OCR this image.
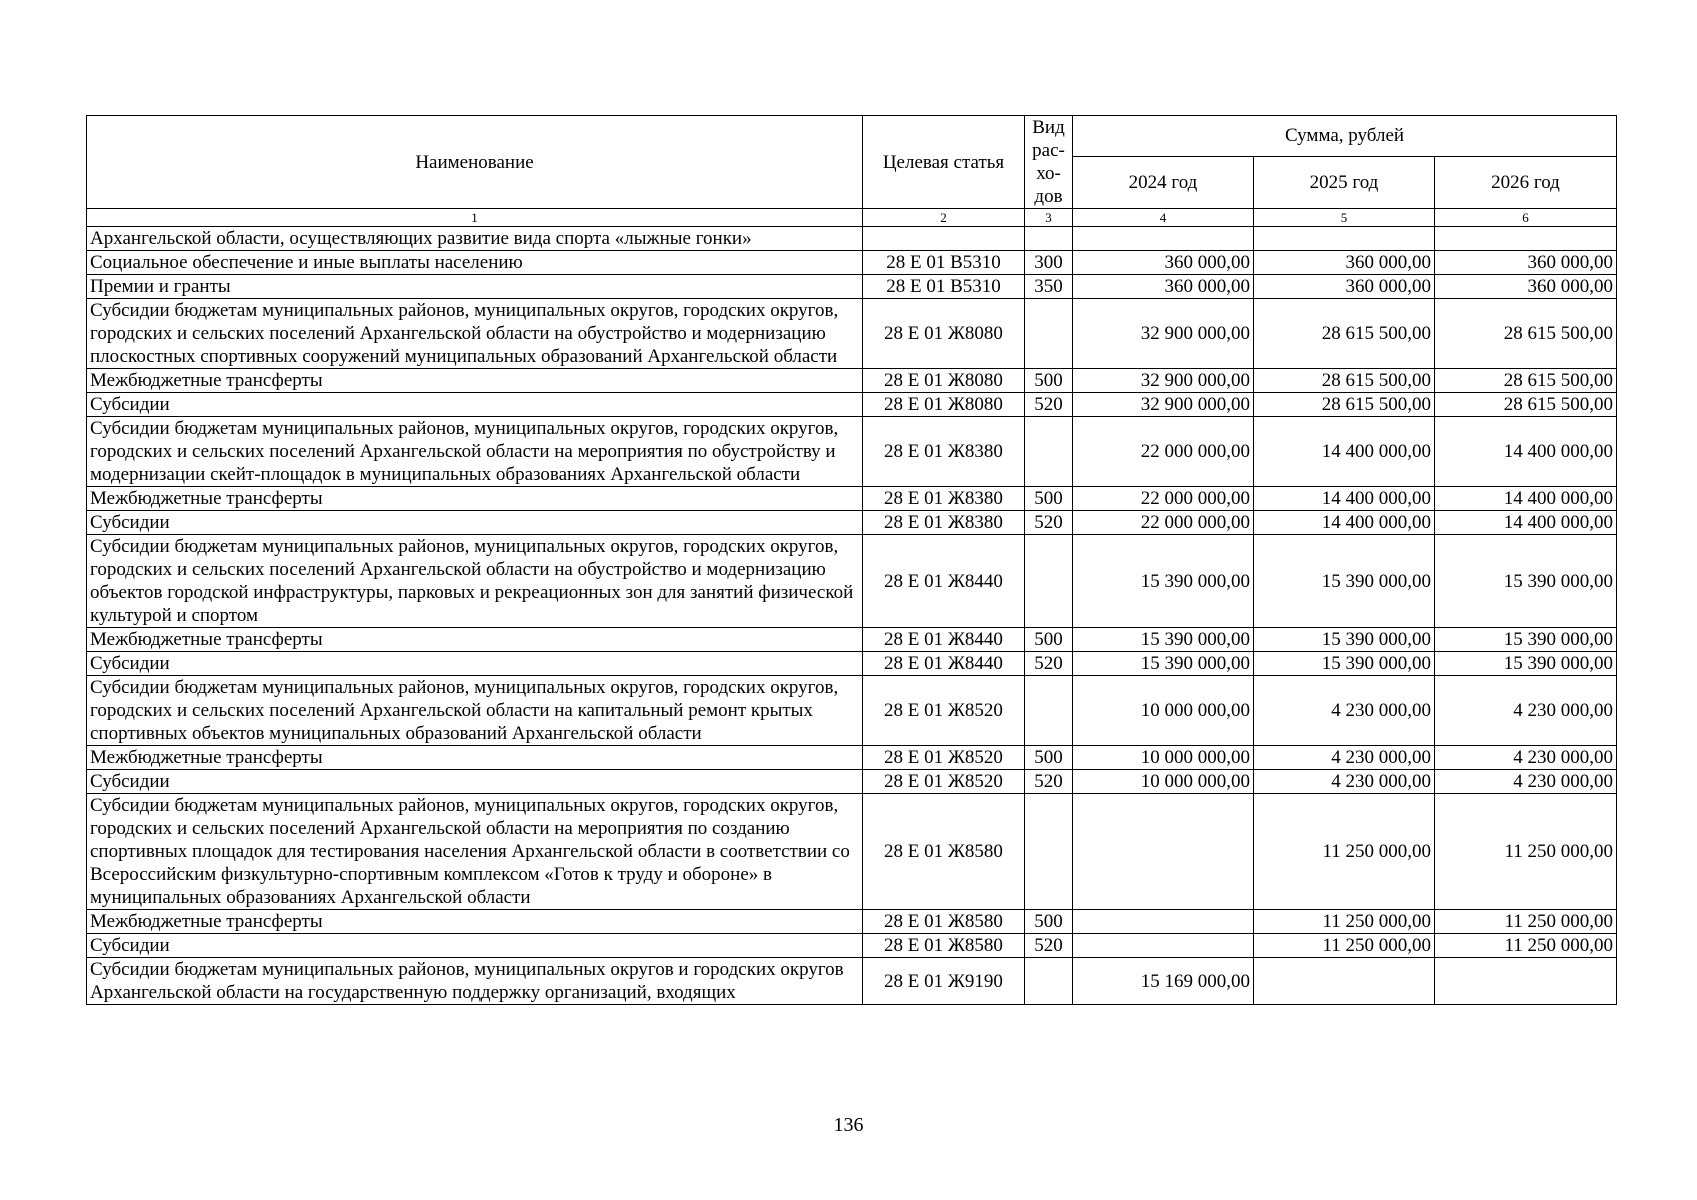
Наименование	Целевая статья	Вид рас-хо-дов	Сумма, рублей		
			2024 год	2025 год	2026 год
1	2	3	4	5	6
Архангельской области, осуществляющих развитие вида спорта «лыжные гонки»					
Социальное обеспечение и иные выплаты населению	28 Е 01 В5310	300	360 000,00	360 000,00	360 000,00
Премии и гранты	28 Е 01 В5310	350	360 000,00	360 000,00	360 000,00
Субсидии бюджетам муниципальных районов, муниципальных округов, городских округов, городских и сельских поселений Архангельской области на обустройство и модернизацию плоскостных спортивных сооружений муниципальных образований Архангельской области	28 Е 01 Ж8080		32 900 000,00	28 615 500,00	28 615 500,00
Межбюджетные трансферты	28 Е 01 Ж8080	500	32 900 000,00	28 615 500,00	28 615 500,00
Субсидии	28 Е 01 Ж8080	520	32 900 000,00	28 615 500,00	28 615 500,00
Субсидии бюджетам муниципальных районов, муниципальных округов, городских округов, городских и сельских поселений Архангельской области на мероприятия по обустройству и модернизации скейт-площадок в муниципальных образованиях Архангельской области	28 Е 01 Ж8380		22 000 000,00	14 400 000,00	14 400 000,00
Межбюджетные трансферты	28 Е 01 Ж8380	500	22 000 000,00	14 400 000,00	14 400 000,00
Субсидии	28 Е 01 Ж8380	520	22 000 000,00	14 400 000,00	14 400 000,00
Субсидии бюджетам муниципальных районов, муниципальных округов, городских округов, городских и сельских поселений Архангельской области на обустройство и модернизацию объектов городской инфраструктуры, парковых и рекреационных зон для занятий физической культурой и спортом	28 Е 01 Ж8440		15 390 000,00	15 390 000,00	15 390 000,00
Межбюджетные трансферты	28 Е 01 Ж8440	500	15 390 000,00	15 390 000,00	15 390 000,00
Субсидии	28 Е 01 Ж8440	520	15 390 000,00	15 390 000,00	15 390 000,00
Субсидии бюджетам муниципальных районов, муниципальных округов, городских округов, городских и сельских поселений Архангельской области на капитальный ремонт крытых спортивных объектов муниципальных образований Архангельской области	28 Е 01 Ж8520		10 000 000,00	4 230 000,00	4 230 000,00
Межбюджетные трансферты	28 Е 01 Ж8520	500	10 000 000,00	4 230 000,00	4 230 000,00
Субсидии	28 Е 01 Ж8520	520	10 000 000,00	4 230 000,00	4 230 000,00
Субсидии бюджетам муниципальных районов, муниципальных округов, городских округов, городских и сельских поселений Архангельской области на мероприятия по созданию спортивных площадок для тестирования населения Архангельской области в соответствии со Всероссийским физкультурно-спортивным комплексом «Готов к труду и обороне» в муниципальных образованиях Архангельской области	28 Е 01 Ж8580			11 250 000,00	11 250 000,00
Межбюджетные трансферты	28 Е 01 Ж8580	500		11 250 000,00	11 250 000,00
Субсидии	28 Е 01 Ж8580	520		11 250 000,00	11 250 000,00
Субсидии бюджетам муниципальных районов, муниципальных округов и городских округов Архангельской области на государственную поддержку организаций, входящих	28 Е 01 Ж9190		15 169 000,00		
136
